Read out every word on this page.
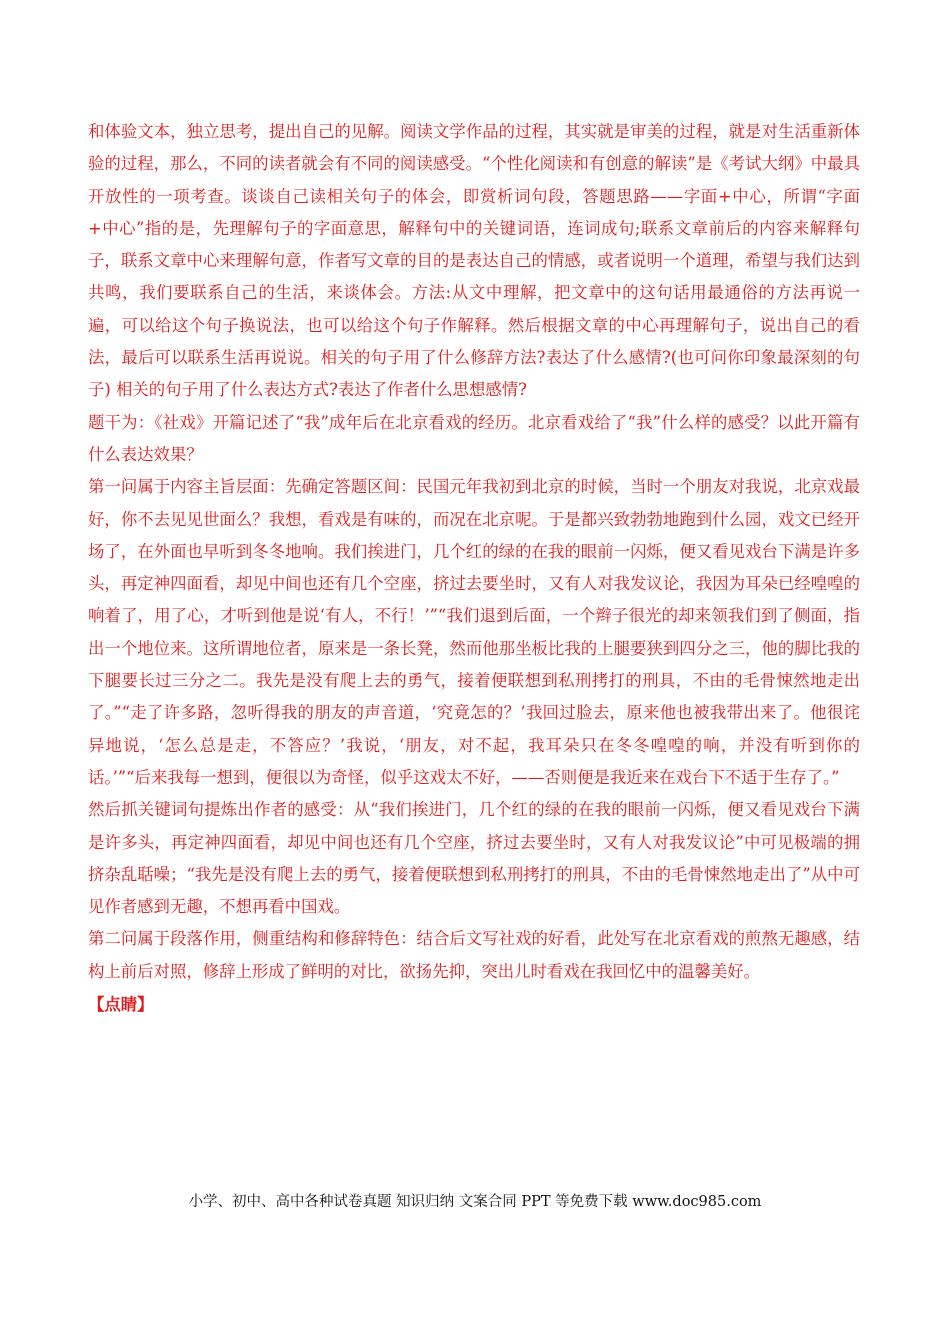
和体验文本，独立思考，提出自己的见解。阅读文学作品的过程，其实就是审美的过程，就是对生活重新体验的过程，那么，不同的读者就会有不同的阅读感受。“个性化阅读和有创意的解读”是《考试大纲》中最具开放性的一项考查。谈谈自己读相关句子的体会，即赏析词句段，答题思路——字面+中心，所谓“字面+中心”指的是，先理解句子的字面意思，解释句中的关键词语，连词成句;联系文章前后的内容来解释句子，联系文章中心来理解句意，作者写文章的目的是表达自己的情感，或者说明一个道理，希望与我们达到共鸣，我们要联系自己的生活，来谈体会。方法:从文中理解，把文章中的这句话用最通俗的方法再说一遍，可以给这个句子换说法，也可以给这个句子作解释。然后根据文章的中心再理解句子，说出自己的看法，最后可以联系生活再说说。相关的句子用了什么修辞方法?表达了什么感情?(也可问你印象最深刻的句子) 相关的句子用了什么表达方式?表达了作者什么思想感情?

题干为：《社戏》开篇记述了“我”成年后在北京看戏的经历。北京看戏给了“我”什么样的感受？以此开篇有什么表达效果？

第一问属于内容主旨层面：先确定答题区间：民国元年我初到北京的时候，当时一个朋友对我说，北京戏最好，你不去见见世面么？我想，看戏是有味的，而况在北京呢。于是都兴致勃勃地跑到什么园，戏文已经开场了，在外面也早听到冬冬地响。我们挨进门，几个红的绿的在我的眼前一闪烁，便又看见戏台下满是许多头，再定神四面看，却见中间也还有几个空座，挤过去要坐时，又有人对我发议论，我因为耳朵已经喤喤的响着了，用了心，才听到他是说‘有人，不行！’”“我们退到后面，一个辫子很光的却来领我们到了侧面，指出一个地位来。这所谓地位者，原来是一条长凳，然而他那坐板比我的上腿要狭到四分之三，他的脚比我的下腿要长过三分之二。我先是没有爬上去的勇气，接着便联想到私刑拷打的刑具，不由的毛骨悚然地走出了。”“走了许多路，忽听得我的朋友的声音道，‘究竟怎的？’我回过脸去，原来他也被我带出来了。他很诧异地说，‘怎么总是走，不答应？’我说，‘朋友，对不起，我耳朵只在冬冬喤喤的响，并没有听到你的话。’”“后来我每一想到，便很以为奇怪，似乎这戏太不好，——否则便是我近来在戏台下不适于生存了。”

然后抓关键词句提炼出作者的感受：从“我们挨进门，几个红的绿的在我的眼前一闪烁，便又看见戏台下满是许多头，再定神四面看，却见中间也还有几个空座，挤过去要坐时，又有人对我发议论”中可见极端的拥挤杂乱聒噪；“我先是没有爬上去的勇气，接着便联想到私刑拷打的刑具，不由的毛骨悚然地走出了”从中可见作者感到无趣，不想再看中国戏。

第二问属于段落作用，侧重结构和修辞特色：结合后文写社戏的好看，此处写在北京看戏的煎熬无趣感，结构上前后对照，修辞上形成了鲜明的对比，欲扬先抑，突出儿时看戏在我回忆中的温馨美好。

【点睛】

小学、初中、高中各种试卷真题 知识归纳 文案合同 PPT 等免费下载 www.doc985.com
